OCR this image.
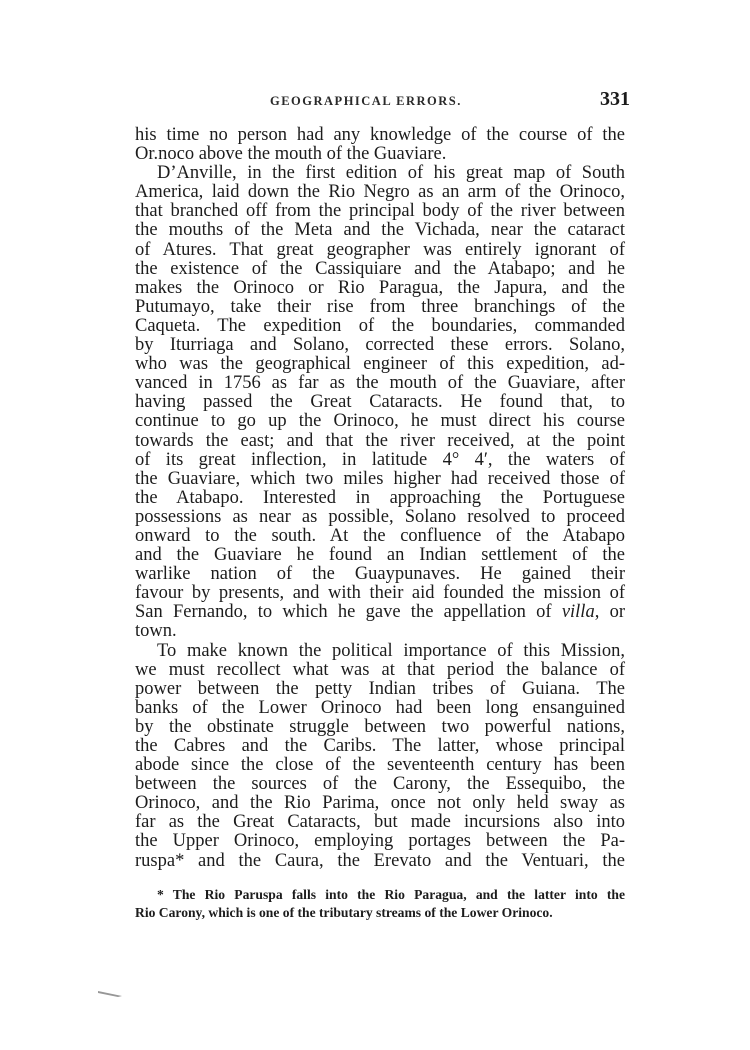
GEOGRAPHICAL ERRORS.	331
his time no person had any knowledge of the course of the
Or.noco above the mouth of the Guaviare.
D’Anville, in the first edition of his great map of South
America, laid down the Rio Negro as an arm of the Orinoco,
that branched off from the principal body of the river between
the mouths of the Meta and the Vichada, near the cataract
of Atures. That great geographer was entirely ignorant of
the existence of the Cassiquiare and the Atabapo; and he
makes the Orinoco or Rio Paragua, the Japura, and the
Putumayo, take their rise from three branchings of the
Caqueta. The expedition of the boundaries, commanded
by Iturriaga and Solano, corrected these errors. Solano,
who was the geographical engineer of this expedition, ad-
vanced in 1756 as far as the mouth of the Guaviare, after
having passed the Great Cataracts. He found that, to
continue to go up the Orinoco, he must direct his course
towards the east; and that the river received, at the point
of its great inflection, in latitude 4° 4′, the waters of
the Guaviare, which two miles higher had received those of
the Atabapo. Interested in approaching the Portuguese
possessions as near as possible, Solano resolved to proceed
onward to the south. At the confluence of the Atabapo
and the Guaviare he found an Indian settlement of the
warlike nation of the Guaypunaves. He gained their
favour by presents, and with their aid founded the mission of
San Fernando, to which he gave the appellation of villa, or
town.
To make known the political importance of this Mission,
we must recollect what was at that period the balance of
power between the petty Indian tribes of Guiana. The
banks of the Lower Orinoco had been long ensanguined
by the obstinate struggle between two powerful nations,
the Cabres and the Caribs. The latter, whose principal
abode since the close of the seventeenth century has been
between the sources of the Carony, the Essequibo, the
Orinoco, and the Rio Parima, once not only held sway as
far as the Great Cataracts, but made incursions also into
the Upper Orinoco, employing portages between the Pa-
ruspa* and the Caura, the Erevato and the Ventuari, the
* The Rio Paruspa falls into the Rio Paragua, and the latter into the
Rio Carony, which is one of the tributary streams of the Lower Orinoco.
